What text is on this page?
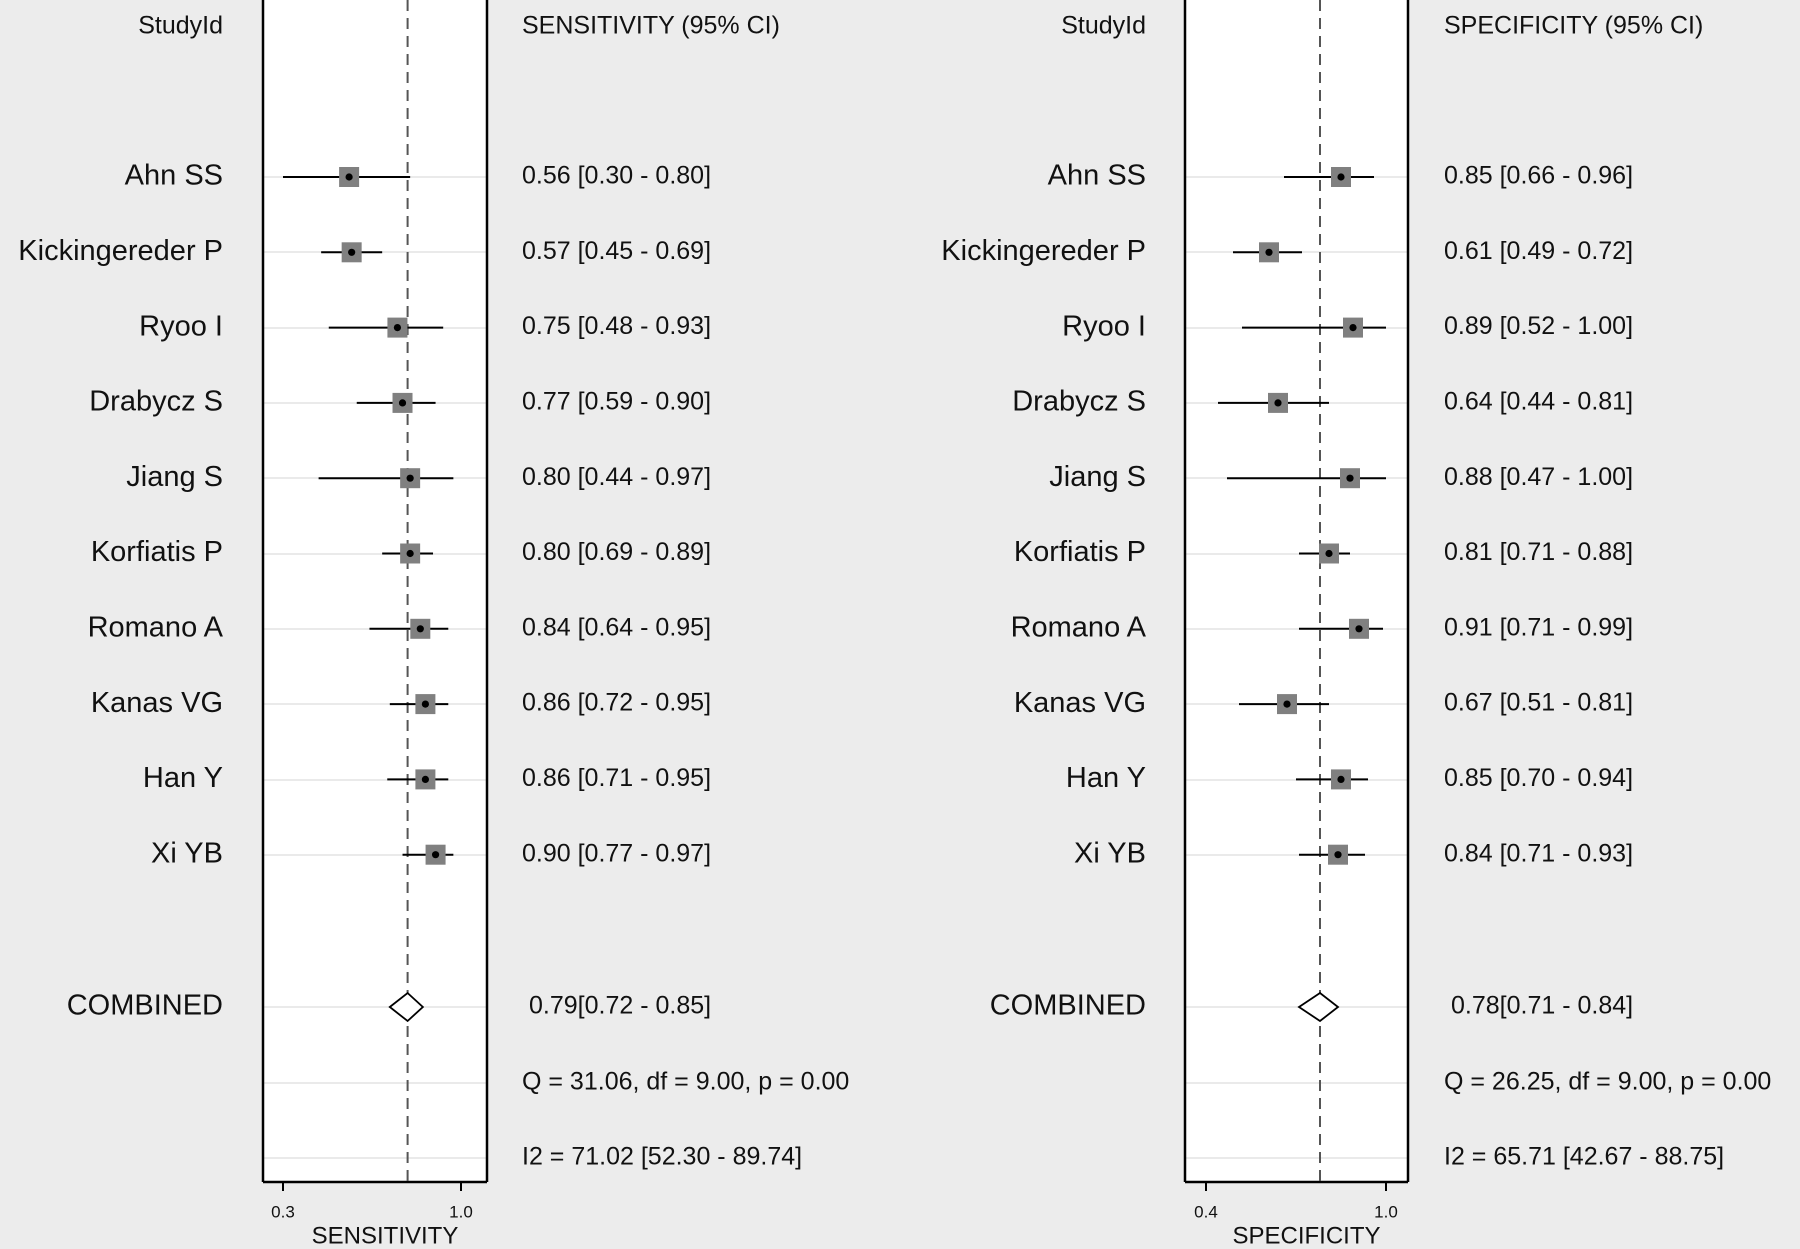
StudyId	SENSITIVITY (95% CI)
Ahn SS	0.56 [0.30 - 0.80]
Kickingereder P	0.57 [0.45 - 0.69]
Ryoo I	0.75 [0.48 - 0.93]
Drabycz S	0.77 [0.59 - 0.90]
Jiang S	0.80 [0.44 - 0.97]
Korfiatis P	0.80 [0.69 - 0.89]
Romano A	0.84 [0.64 - 0.95]
Kanas VG	0.86 [0.72 - 0.95]
Han Y	0.86 [0.71 - 0.95]
Xi YB	0.90 [0.77 - 0.97]
COMBINED	0.79[0.72 - 0.85]
Q = 31.06, df = 9.00, p = 0.00
I2 = 71.02 [52.30 - 89.74]
0.3	1.0
SENSITIVITY
StudyId	SPECIFICITY (95% CI)
Ahn SS	0.85 [0.66 - 0.96]
Kickingereder P	0.61 [0.49 - 0.72]
Ryoo I	0.89 [0.52 - 1.00]
Drabycz S	0.64 [0.44 - 0.81]
Jiang S	0.88 [0.47 - 1.00]
Korfiatis P	0.81 [0.71 - 0.88]
Romano A	0.91 [0.71 - 0.99]
Kanas VG	0.67 [0.51 - 0.81]
Han Y	0.85 [0.70 - 0.94]
Xi YB	0.84 [0.71 - 0.93]
COMBINED	0.78[0.71 - 0.84]
Q = 26.25, df = 9.00, p = 0.00
I2 = 65.71 [42.67 - 88.75]
0.4	1.0
SPECIFICITY
